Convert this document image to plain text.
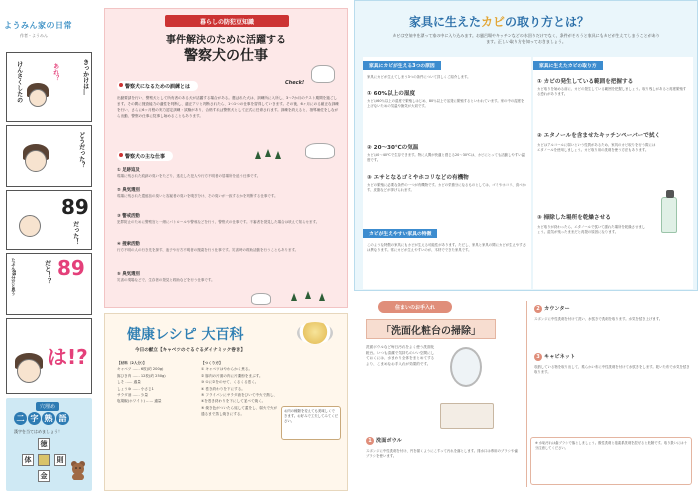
ようみん家の日常
作者・ようみん
きっかけは…
あれ？
けんさくしたの
どうだった？
89
だった！
89
だと！？
たぶん89分だと思う
は!?
穴埋め
二 字 熟 語
漢字を当てはめましょう！
徳
体	則
金
暮らしの防犯豆知識
事件解決のために活躍する
警察犬の仕事
Check!
警察犬になるための訓練とは
出動要請を行い、警察犬として所有者のある犬が活躍する場合がある。選ばれた犬は、訓練所に入所し、3〜7か月のテスト期間を過ごします。その間に捜査能力の適性を判断し、適正アリと判断されたら、1つ1つの仕事を習得していきます。その後、6ヶ月にのる厳正な訓練を行い、さらに6ヶ月程の実力認定訓練・試験があり、合格すれば警察犬として正式に任命されます。訓練を終えると、指導補佐をしながら出動、警察の仕事に従事し始めることもあります。
警察犬の主な仕事
① 足跡追及
現場に残された痕跡の臭いをたどり、逃走した犯人や行方不明者の居場所を追う仕事です。
② 臭気選別
現場に残された遺留品の臭いと容疑者の臭いを嗅ぎ分け、その臭いが一致するかを判断する仕事です。
③ 警戒活動
犯罪防止のために警察官と一緒にパトロールや警戒などを行う、警察犬の仕事です。不審者を発見した場合は吠えて知らせます。
④ 捜索活動
行方不明の人の行き先を探す、迷子や行方不明者の捜索を行う仕事です。災害時の救助活動を行うこともあります。
⑤ 臭気選別
災害の現場などで、生存者の発見と救助などを行う仕事です。
健康レシピ 大百科
今日の献立【キャベツのぐるぐるダイナミック巻き】
【材料（2人分）】
キャベツ …… 6枚(約 200g)
豚ひき肉 …… 12枚(約 250g)
しそ …… 適量
しょうゆ …… 小さじ1
サラダ油 …… 少量
塩胡椒(ホワイト) …… 適量
【つくり方】
① キャベツはやわらかく煮る。
② 豚肉の片面の肉に片栗粉をまぶす。
③ ①に②をのせて、くるくる巻く。
④ 巻き終わりを下にする。
⑤ フライパンにサラダ油をひいて中火で熱し、④を巻き終わりを下にして並べて焼く。
⑥ 焼き色がついたら返して蓋をし、弱火で火が通るまで蒸し焼きにする。
お肉の種類を変えても美味しくできます。お好みで工夫してみてください。
家具に生えたカビの取り方とは？
カビは空気中を漂って家の中に入り込みます。お風呂場やキッチンなどの水回りだけでなく、条件がそろうと家具にもカビが生えてしまうことがあります。正しい取り方を知っておきましょう。
家具にカビが生える3つの原因
家具にカビが生えてしまう3つの条件について詳しくご紹介します。
① 60%以上の湿度
カビは60％以上の湿度で繁殖しはじめ、80％以上で活発に繁殖するといわれています。家の中の湿度を上げないための気温や換気が大切です。
② 20〜30℃の気温
カビは0〜40℃で生存できます。特に人間が快適と感じる20〜30℃は、カビにとっても活動しやすい温度です。
③ エサとなるゴミやホコリなどの有機物
カビの繁殖に必要な条件の一つが有機物です。カビの栄養分になるものとしては、ゴミやホコリ、食べかす、皮脂などが挙げられます。
カビが生えやすい家具の特徴
このような特徴の家具にもカビが生える可能性があります。ただし、家具と家具の間にカビが生えやすさは異なります。常にカビが生えやすいのが、木材でできた家具です。
家具に生えたカビの取り方
① カビの発生している範囲を把握する
カビ取りを始める前に、カビの発生している範囲を把握しましょう。取り残しがあると再度繁殖する恐れがあります。
② エタノールを含ませたキッチンペーパーで拭く
カビはアルコールに弱いという性質があるため、家具のカビ取りを行う際にはエタノールを使用しましょう。カビ取り用の洗剤を使う方法もあります。
③ 掃除した場所を乾燥させる
カビ取りが終わったら、エタノールで拭いて濡れた場所を乾燥させましょう。湿気が残ったままだと再発の原因になります。
住まいのお手入れ
「洗面化粧台の掃除」
洗面ボウルなど毎日汚れをよく使う洗面化粧台。いつも清潔で気持ちのいい空間にしておくには、水まわり全体をまとめてするより、こまめなお手入れが効果的です。
1 洗面ボウル
スポンジに中性洗剤を付け、円を描くようにこすって汚れを落とします。排水口は専用のブラシや歯ブラシを使います。
2 カウンター
スポンジに中性洗剤を付けて洗い、水拭きで洗剤を取ります。水気を拭き上げます。
3 キャビネット
収納している物を取り出して、柔らかい布に中性洗剤を付けて水拭きをします。乾いた布で水気を拭き取ります。
※ 水垢汚れは歯ブラシで落としましょう。酸性洗剤と塩素系洗剤を混ぜると危険です。取り扱いには十分注意してください。
